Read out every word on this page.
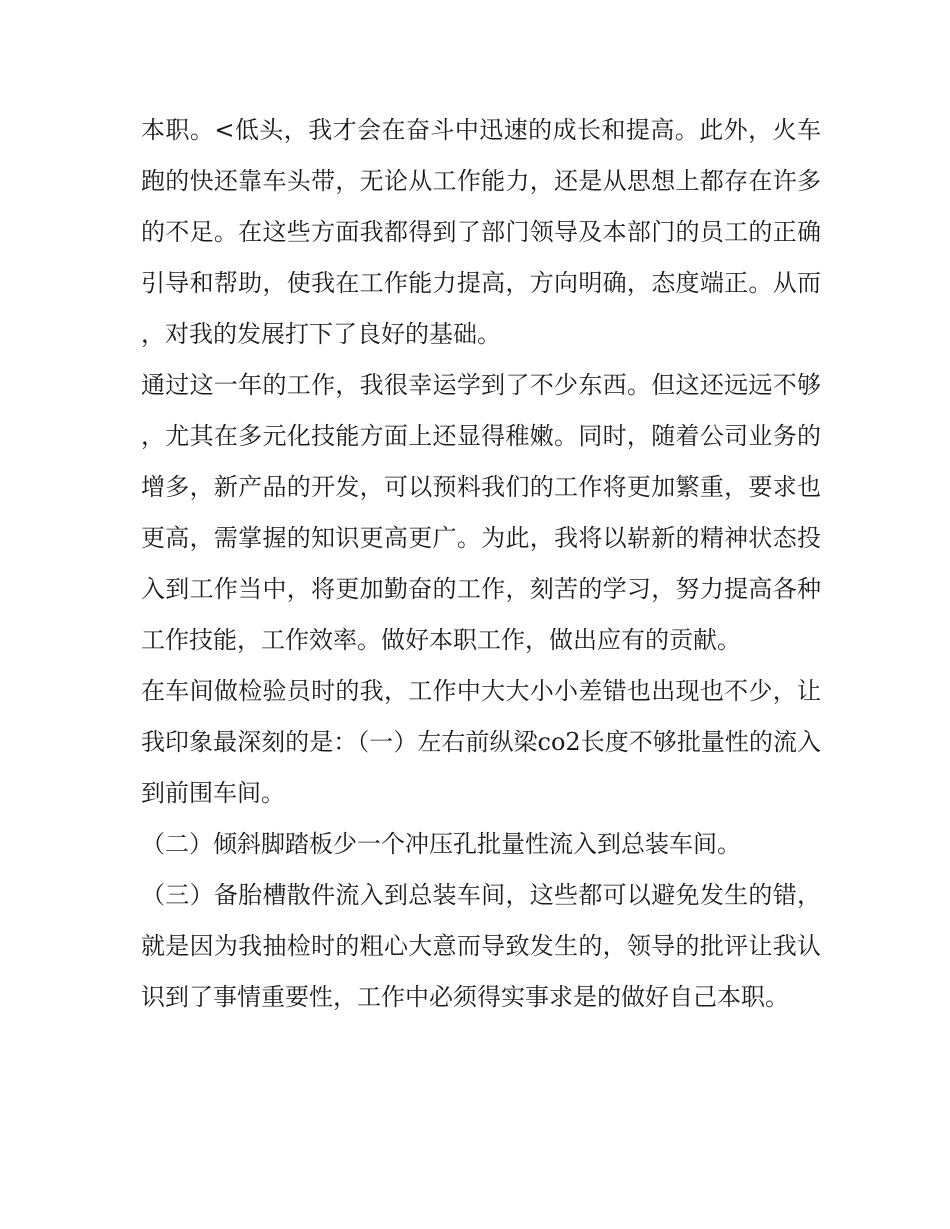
本职。<低头，我才会在奋斗中迅速的成长和提高。此外，火车跑的快还靠车头带，无论从工作能力，还是从思想上都存在许多的不足。在这些方面我都得到了部门领导及本部门的员工的正确引导和帮助，使我在工作能力提高，方向明确，态度端正。从而，对我的发展打下了良好的基础。

通过这一年的工作，我很幸运学到了不少东西。但这还远远不够，尤其在多元化技能方面上还显得稚嫩。同时，随着公司业务的增多，新产品的开发，可以预料我们的工作将更加繁重，要求也更高，需掌握的知识更高更广。为此，我将以崭新的精神状态投入到工作当中，将更加勤奋的工作，刻苦的学习，努力提高各种工作技能，工作效率。做好本职工作，做出应有的贡献。

在车间做检验员时的我，工作中大大小小差错也出现也不少，让我印象最深刻的是：（一）左右前纵梁co2长度不够批量性的流入到前围车间。

（二）倾斜脚踏板少一个冲压孔批量性流入到总装车间。

（三）备胎槽散件流入到总装车间，这些都可以避免发生的错，就是因为我抽检时的粗心大意而导致发生的，领导的批评让我认识到了事情重要性，工作中必须得实事求是的做好自己本职。
